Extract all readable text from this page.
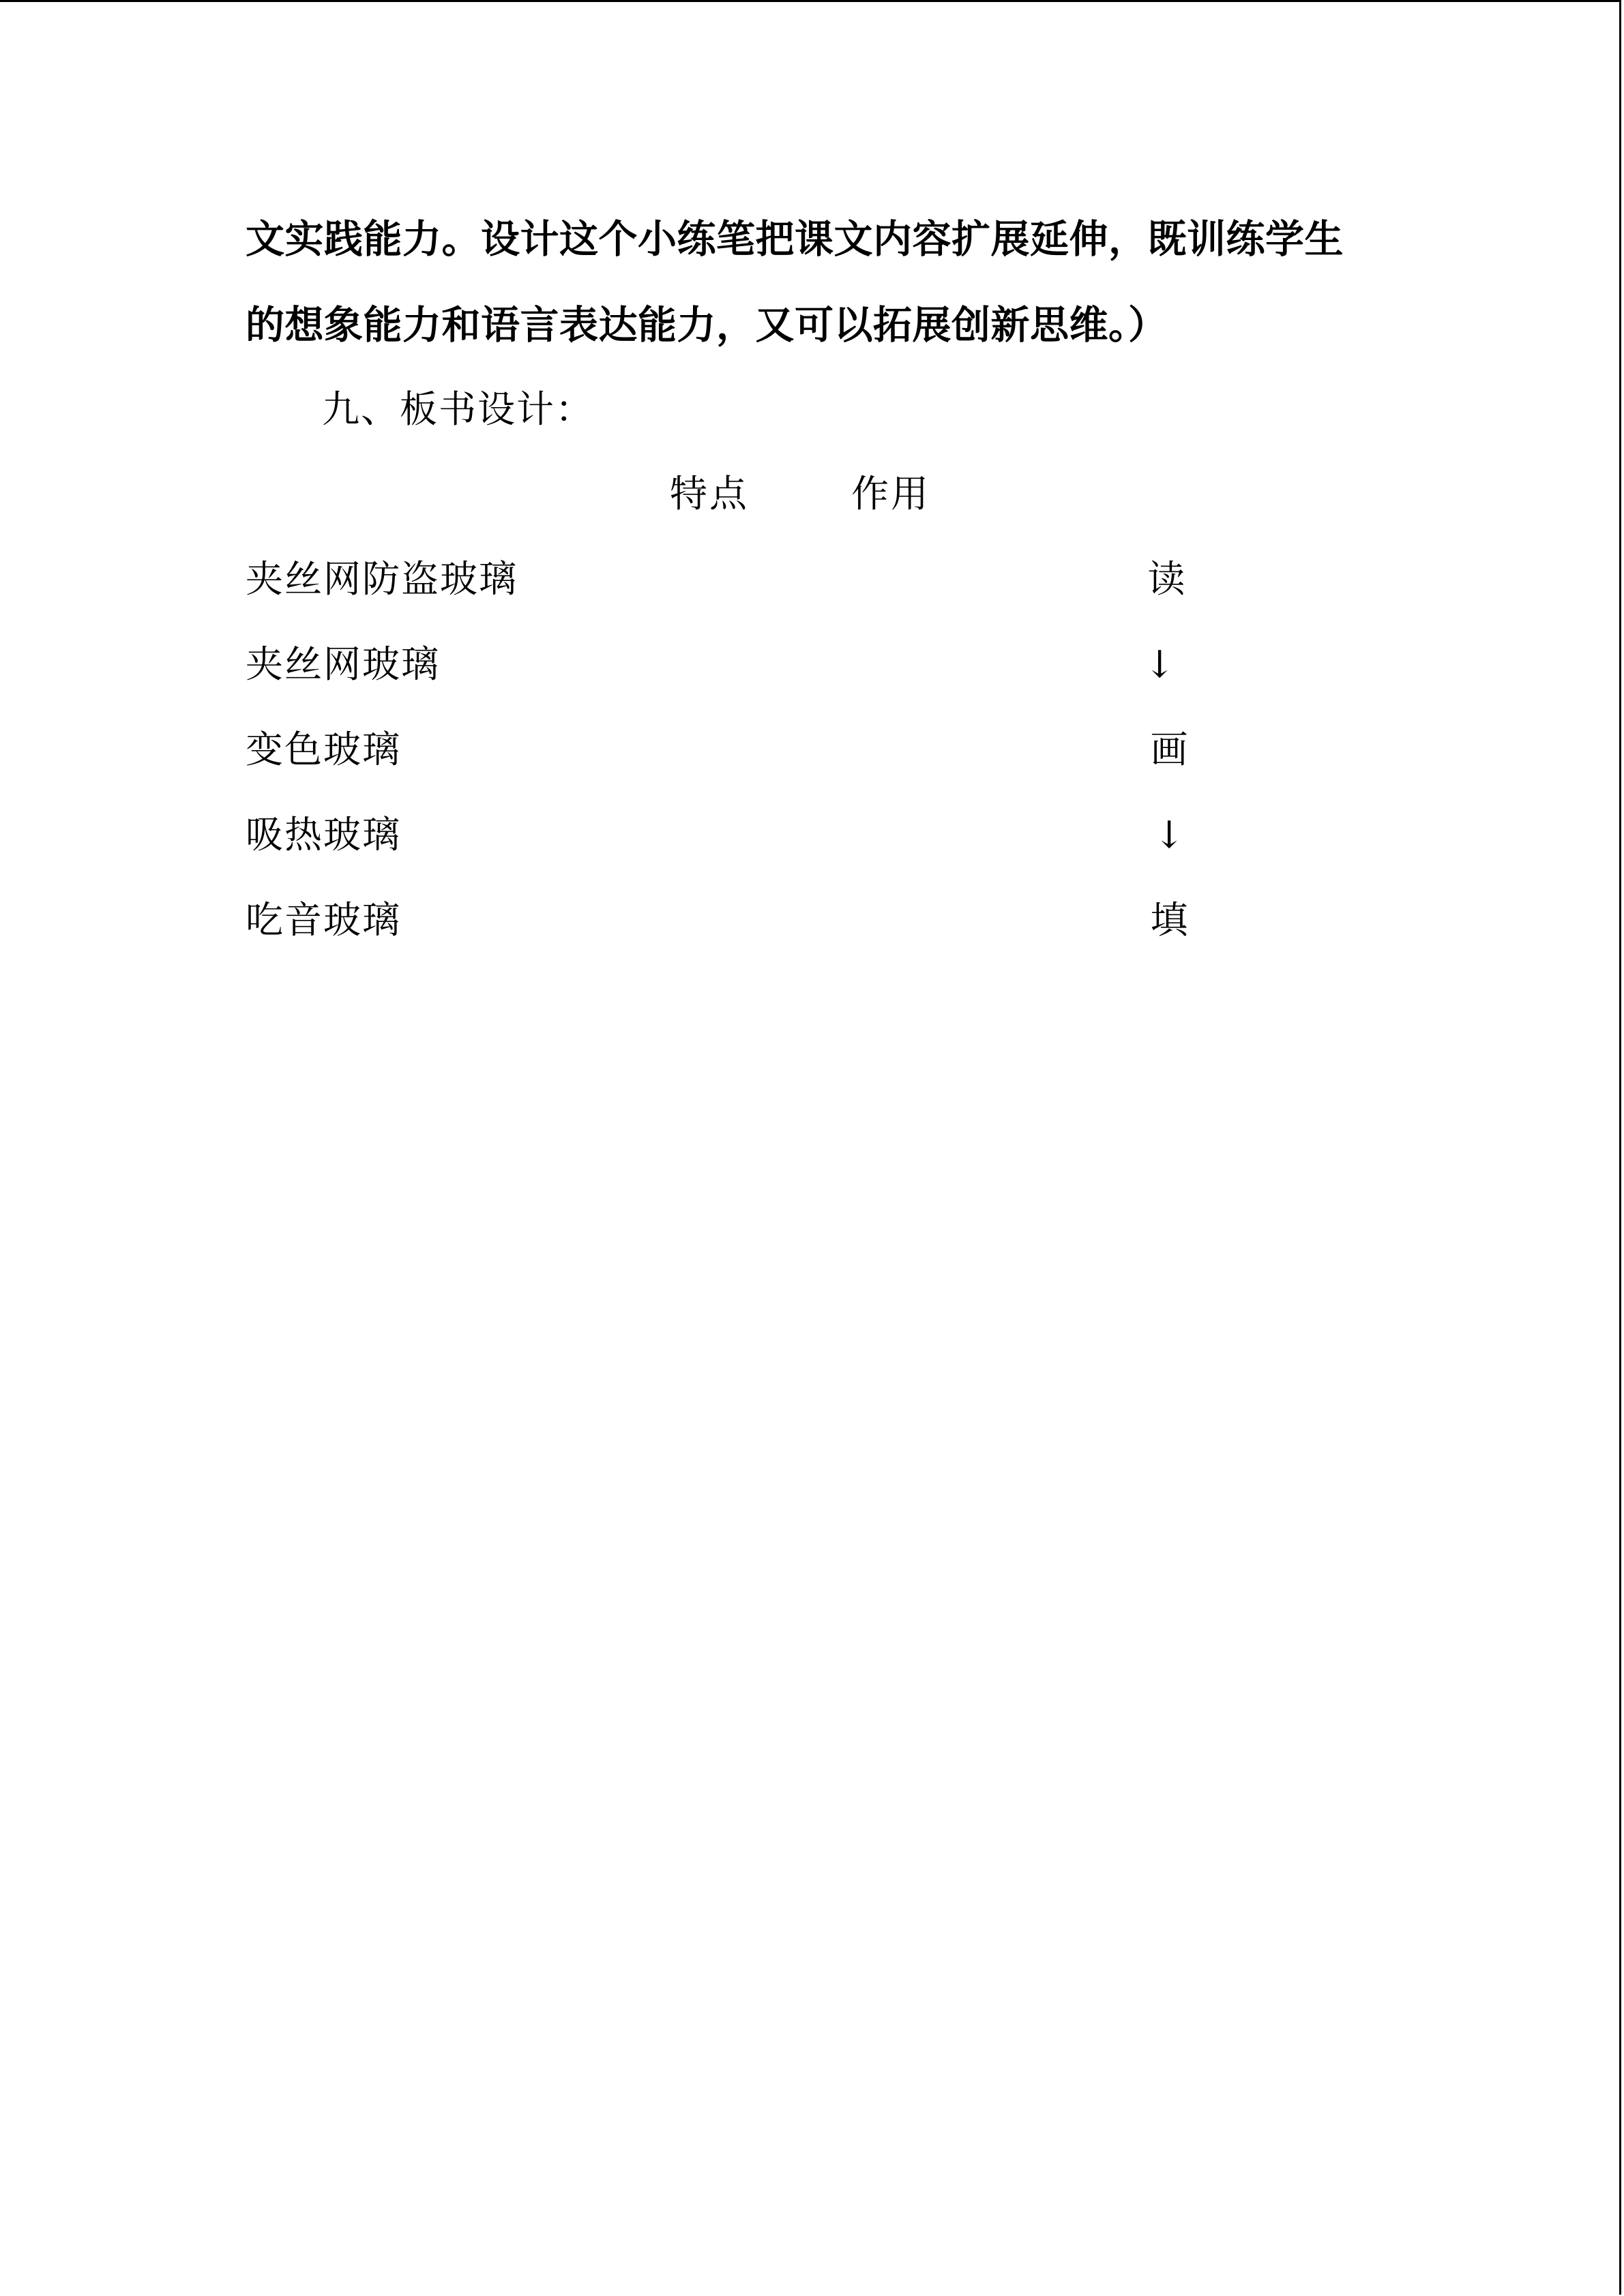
文实践能力。设计这个小练笔把课文内容扩展延伸，既训练学生
的想象能力和语言表达能力，又可以拓展创新思维。）
九、板书设计：
特点	作用
夹丝网防盗玻璃	读
夹丝网玻璃	↓
变色玻璃	画
吸热玻璃	↓
吃音玻璃	填
